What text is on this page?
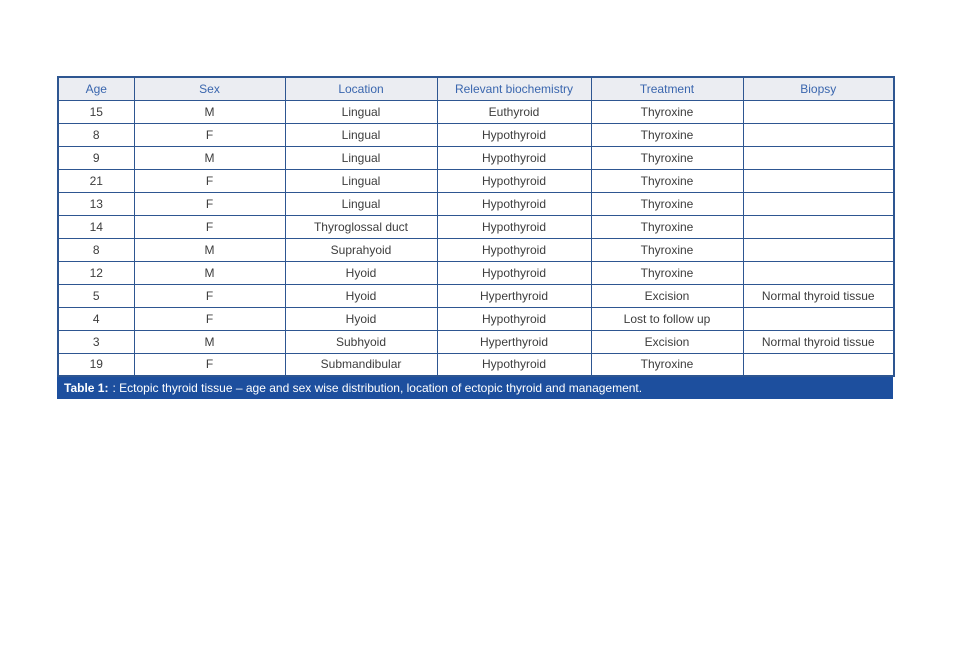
Age	Sex	Location	Relevant biochemistry	Treatment	Biopsy
15	M	Lingual	Euthyroid	Thyroxine	
8	F	Lingual	Hypothyroid	Thyroxine	
9	M	Lingual	Hypothyroid	Thyroxine	
21	F	Lingual	Hypothyroid	Thyroxine	
13	F	Lingual	Hypothyroid	Thyroxine	
14	F	Thyroglossal duct	Hypothyroid	Thyroxine	
8	M	Suprahyoid	Hypothyroid	Thyroxine	
12	M	Hyoid	Hypothyroid	Thyroxine	
5	F	Hyoid	Hyperthyroid	Excision	Normal thyroid tissue
4	F	Hyoid	Hypothyroid	Lost to follow up	
3	M	Subhyoid	Hyperthyroid	Excision	Normal thyroid tissue
19	F	Submandibular	Hypothyroid	Thyroxine	
Table 1: : Ectopic thyroid tissue – age and sex wise distribution, location of ectopic thyroid and management.
